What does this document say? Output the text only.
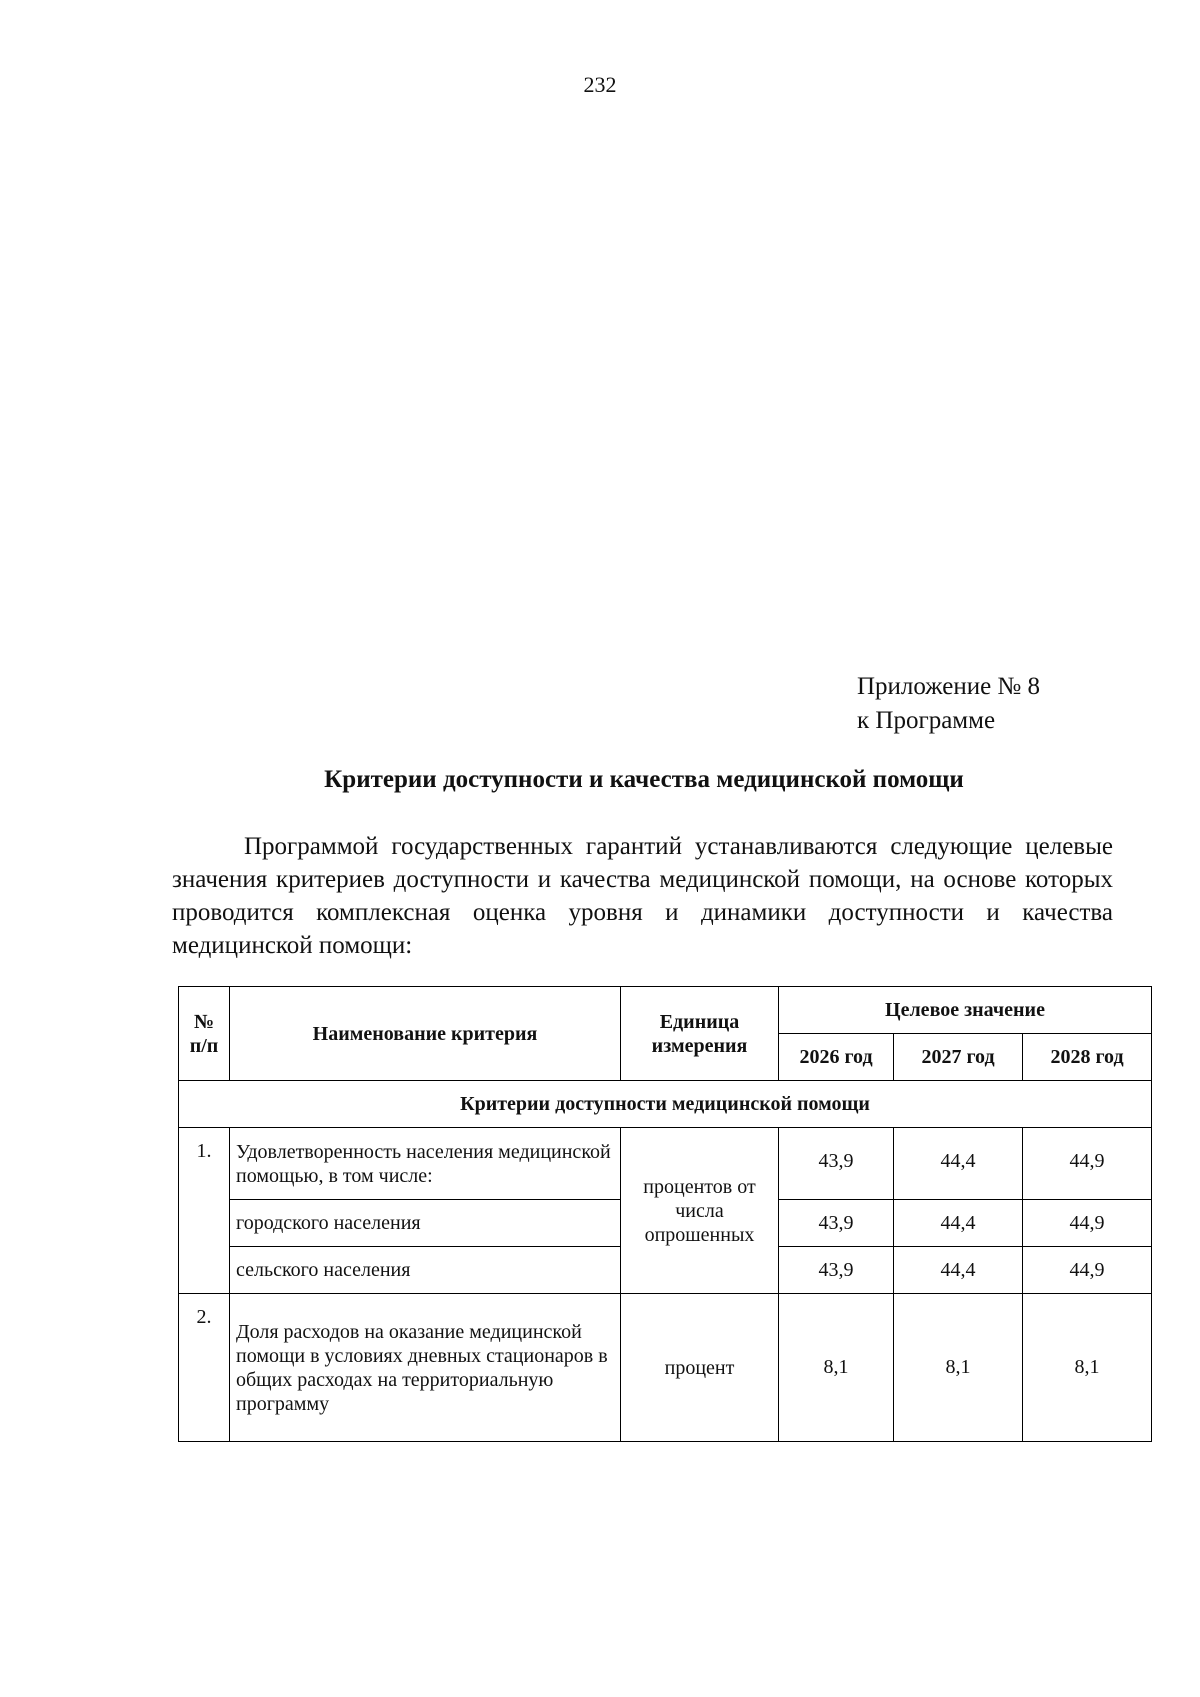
232
Приложение № 8
к Программе
Критерии доступности и качества медицинской помощи

Программой государственных гарантий устанавливаются следующие целевые значения критериев доступности и качества медицинской помощи, на основе которых проводится комплексная оценка уровня и динамики доступности и качества медицинской помощи:

№ п/п	Наименование критерия	Единица измерения	Целевое значение		
			2026 год	2027 год	2028 год
Критерии доступности медицинской помощи					
1.	Удовлетворенность населения медицинской помощью, в том числе:	процентов от числа опрошенных	43,9	44,4	44,9
	городского населения		43,9	44,4	44,9
	сельского населения		43,9	44,4	44,9
2.	Доля расходов на оказание медицинской помощи в условиях дневных стационаров в общих расходах на территориальную программу	процент	8,1	8,1	8,1
